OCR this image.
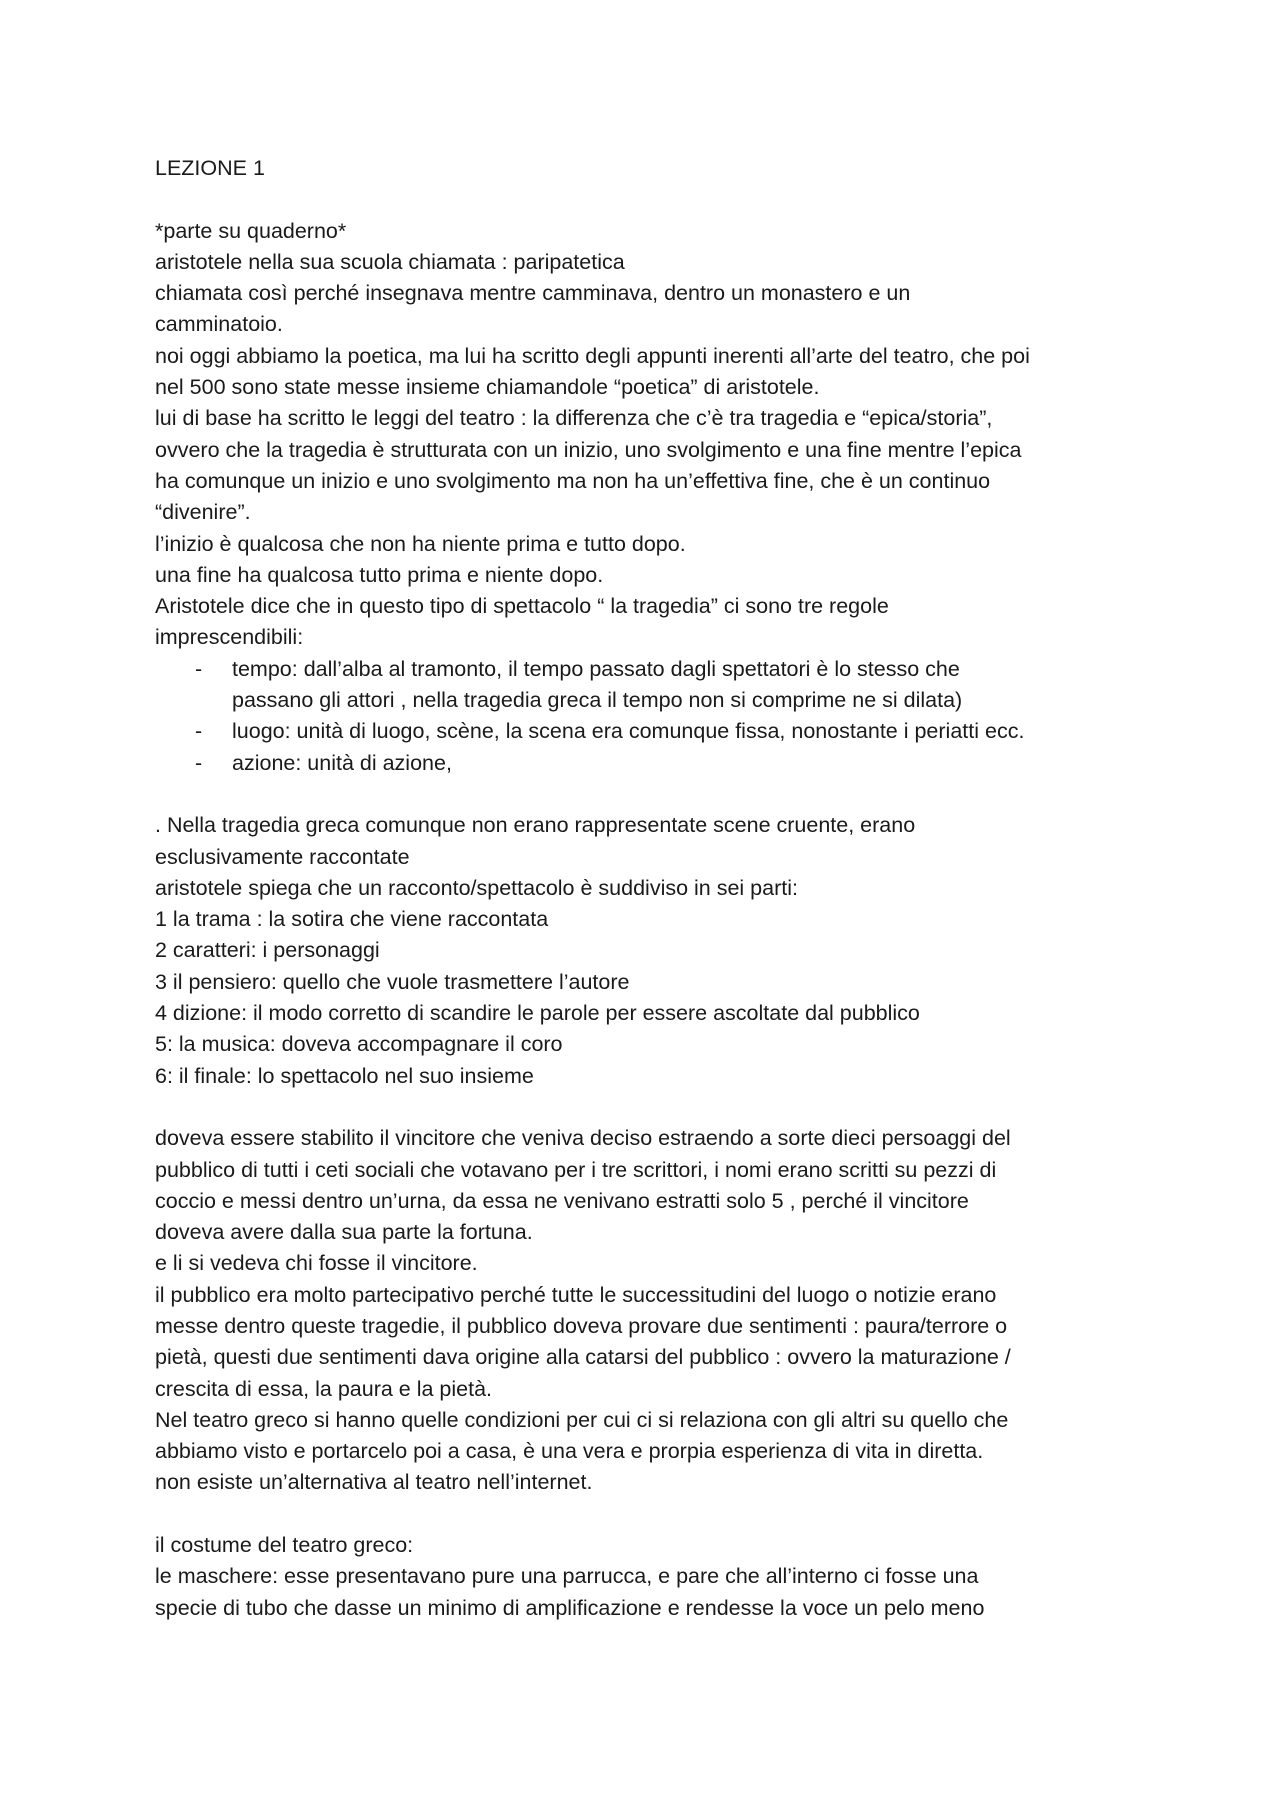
LEZIONE 1

*parte su quaderno*

aristotele nella sua scuola chiamata : paripatetica

chiamata così perché insegnava mentre camminava, dentro un monastero e un

camminatoio.

noi oggi abbiamo la poetica, ma lui ha scritto degli appunti inerenti all’arte del teatro, che poi

nel 500 sono state messe insieme chiamandole “poetica” di aristotele.

lui di base ha scritto le leggi del teatro : la differenza che c’è tra tragedia e “epica/storia”,

ovvero che la tragedia è strutturata con un inizio, uno svolgimento e una fine mentre l’epica

ha comunque un inizio e uno svolgimento ma non ha un’effettiva fine, che è un continuo

“divenire”.

l’inizio è qualcosa che non ha niente prima e tutto dopo.

una fine ha qualcosa tutto prima e niente dopo.

Aristotele dice che in questo tipo di spettacolo “ la tragedia” ci sono tre regole

imprescendibili:

- tempo: dall’alba al tramonto, il tempo passato dagli spettatori è lo stesso che
passano gli attori , nella tragedia greca il tempo non si comprime ne si dilata)
- luogo: unità di luogo, scène, la scena era comunque fissa, nonostante i periatti ecc.
- azione: unità di azione,

. Nella tragedia greca comunque non erano rappresentate scene cruente, erano

esclusivamente raccontate

aristotele spiega che un racconto/spettacolo è suddiviso in sei parti:

1 la trama : la sotira che viene raccontata

2 caratteri: i personaggi

3 il pensiero: quello che vuole trasmettere l’autore

4 dizione: il modo corretto di scandire le parole per essere ascoltate dal pubblico

5: la musica: doveva accompagnare il coro

6: il finale: lo spettacolo nel suo insieme

doveva essere stabilito il vincitore che veniva deciso estraendo a sorte dieci persoaggi del

pubblico di tutti i ceti sociali che votavano per i tre scrittori, i nomi erano scritti su pezzi di

coccio e messi dentro un’urna, da essa ne venivano estratti solo 5 , perché il vincitore

doveva avere dalla sua parte la fortuna.

e li si vedeva chi fosse il vincitore.

il pubblico era molto partecipativo perché tutte le successitudini del luogo o notizie erano

messe dentro queste tragedie, il pubblico doveva provare due sentimenti : paura/terrore o

pietà, questi due sentimenti dava origine alla catarsi del pubblico : ovvero la maturazione /

crescita di essa, la paura e la pietà.

Nel teatro greco si hanno quelle condizioni per cui ci si relaziona con gli altri su quello che

abbiamo visto e portarcelo poi a casa, è una vera e prorpia esperienza di vita in diretta.

non esiste un’alternativa al teatro nell’internet.

il costume del teatro greco:

le maschere: esse presentavano pure una parrucca, e pare che all’interno ci fosse una

specie di tubo che dasse un minimo di amplificazione e rendesse la voce un pelo meno
